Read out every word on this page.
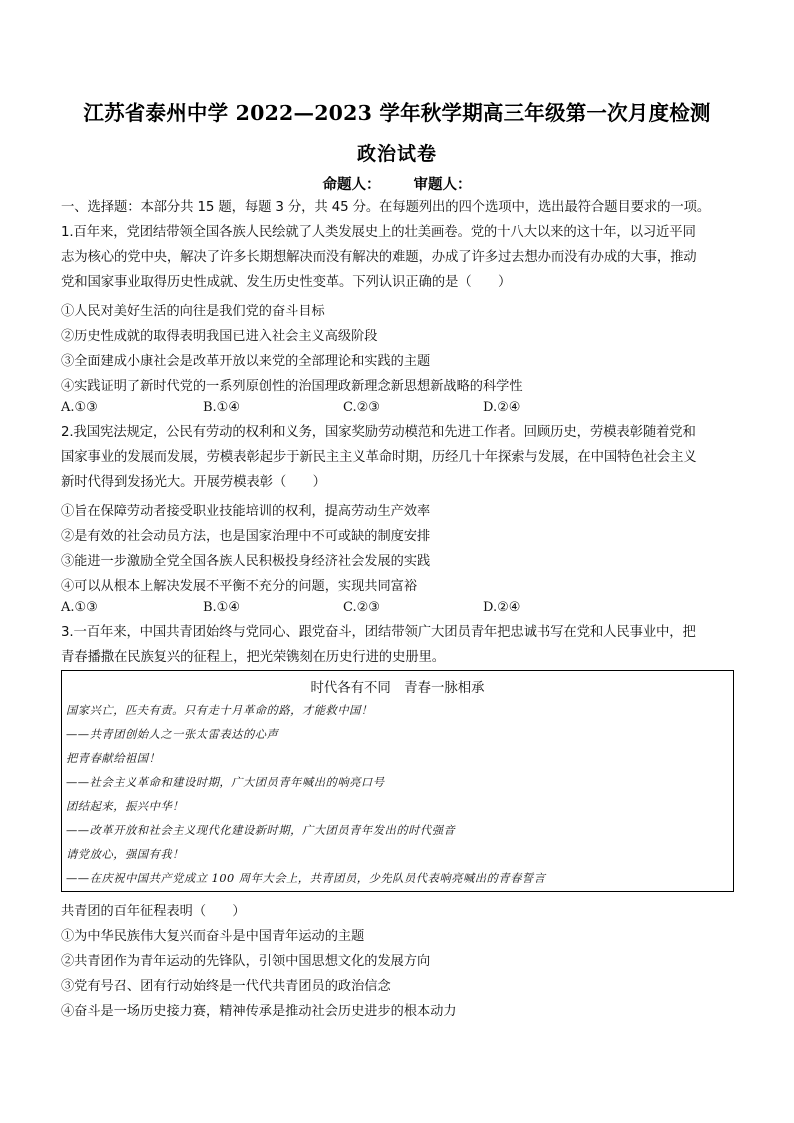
江苏省泰州中学 2022—2023 学年秋学期高三年级第一次月度检测
政治试卷
命题人： 审题人：
一、选择题：本部分共 15 题，每题 3 分，共 45 分。在每题列出的四个选项中，选出最符合题目要求的一项。
1.百年来，党团结带领全国各族人民绘就了人类发展史上的壮美画卷。党的十八大以来的这十年，以习近平同
志为核心的党中央，解决了许多长期想解决而没有解决的难题，办成了许多过去想办而没有办成的大事，推动
党和国家事业取得历史性成就、发生历史性变革。下列认识正确的是（　　）
①人民对美好生活的向往是我们党的奋斗目标
②历史性成就的取得表明我国已进入社会主义高级阶段
③全面建成小康社会是改革开放以来党的全部理论和实践的主题
④实践证明了新时代党的一系列原创性的治国理政新理念新思想新战略的科学性
A.①③	B.①④	C.②③	D.②④
2.我国宪法规定，公民有劳动的权利和义务，国家奖励劳动模范和先进工作者。回顾历史，劳模表彰随着党和
国家事业的发展而发展，劳模表彰起步于新民主主义革命时期，历经几十年探索与发展，在中国特色社会主义
新时代得到发扬光大。开展劳模表彰（　　）
①旨在保障劳动者接受职业技能培训的权利，提高劳动生产效率
②是有效的社会动员方法，也是国家治理中不可或缺的制度安排
③能进一步激励全党全国各族人民积极投身经济社会发展的实践
④可以从根本上解决发展不平衡不充分的问题，实现共同富裕
A.①③	B.①④	C.②③	D.②④
3.一百年来，中国共青团始终与党同心、跟党奋斗，团结带领广大团员青年把忠诚书写在党和人民事业中，把
青春播撒在民族复兴的征程上，把光荣镌刻在历史行进的史册里。
时代各有不同　青春一脉相承
国家兴亡，匹夫有责。只有走十月革命的路，才能救中国！
——共青团创始人之一张太雷表达的心声
把青春献给祖国！
——社会主义革命和建设时期，广大团员青年喊出的响亮口号
团结起来，振兴中华！
——改革开放和社会主义现代化建设新时期，广大团员青年发出的时代强音
请党放心，强国有我！
——在庆祝中国共产党成立 100 周年大会上，共青团员，少先队员代表响亮喊出的青春誓言
共青团的百年征程表明（　　）
①为中华民族伟大复兴而奋斗是中国青年运动的主题
②共青团作为青年运动的先锋队，引领中国思想文化的发展方向
③党有号召、团有行动始终是一代代共青团员的政治信念
④奋斗是一场历史接力赛，精神传承是推动社会历史进步的根本动力
